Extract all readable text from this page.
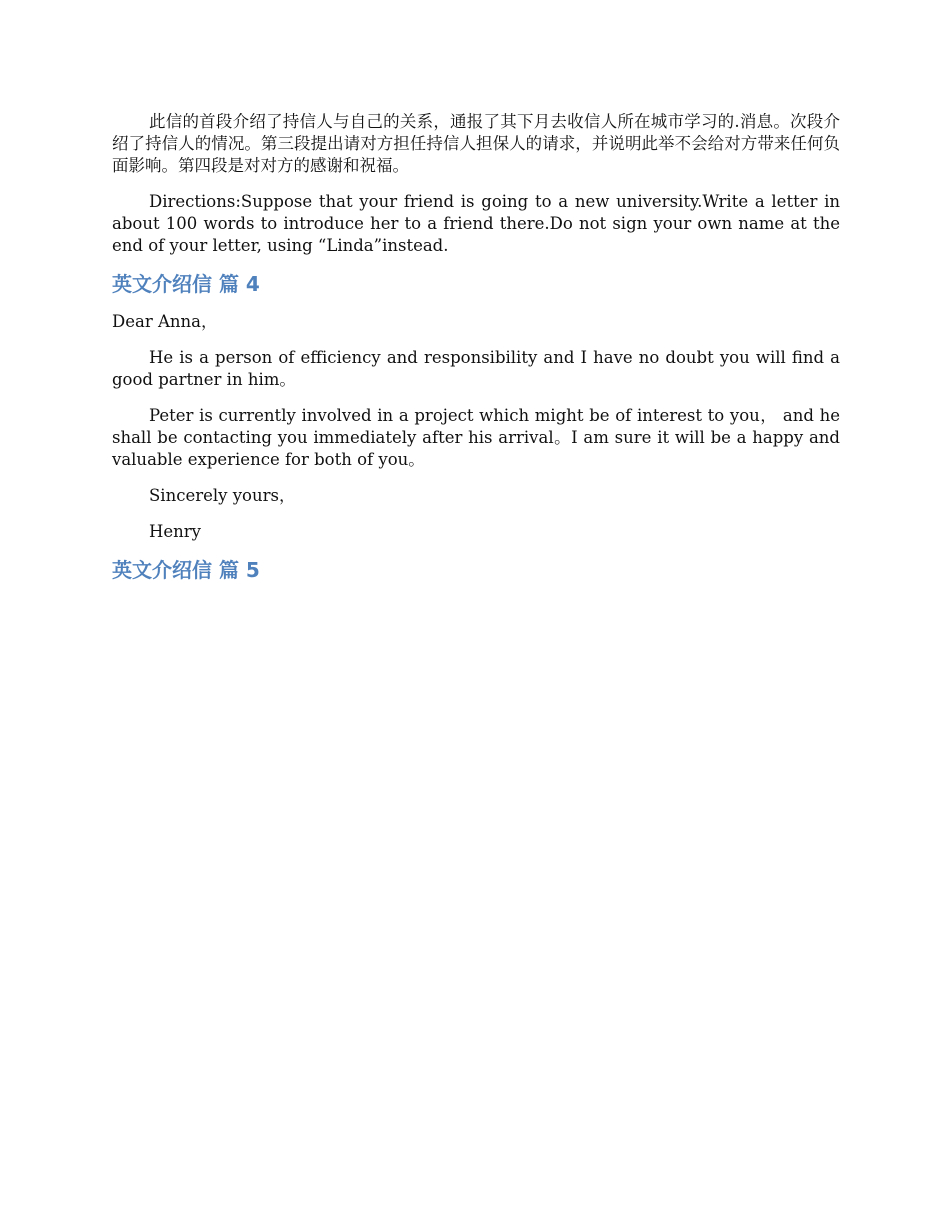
此信的首段介绍了持信人与自己的关系，通报了其下月去收信人所在城市学习的.消息。次段介绍了持信人的情况。第三段提出请对方担任持信人担保人的请求，并说明此举不会给对方带来任何负面影响。第四段是对对方的感谢和祝福。

Directions:Suppose that your friend is going to a new university.Write a letter in about 100 words to introduce her to a friend there.Do not sign your own name at the end of your letter, using “Linda”instead.

英文介绍信 篇 4

Dear Anna，

He is a person of efficiency and responsibility and I have no doubt you will find a good partner in him。

Peter is currently involved in a project which might be of interest to you， and he shall be contacting you immediately after his arrival。I am sure it will be a happy and valuable experience for both of you。

Sincerely yours，

Henry

英文介绍信 篇 5
